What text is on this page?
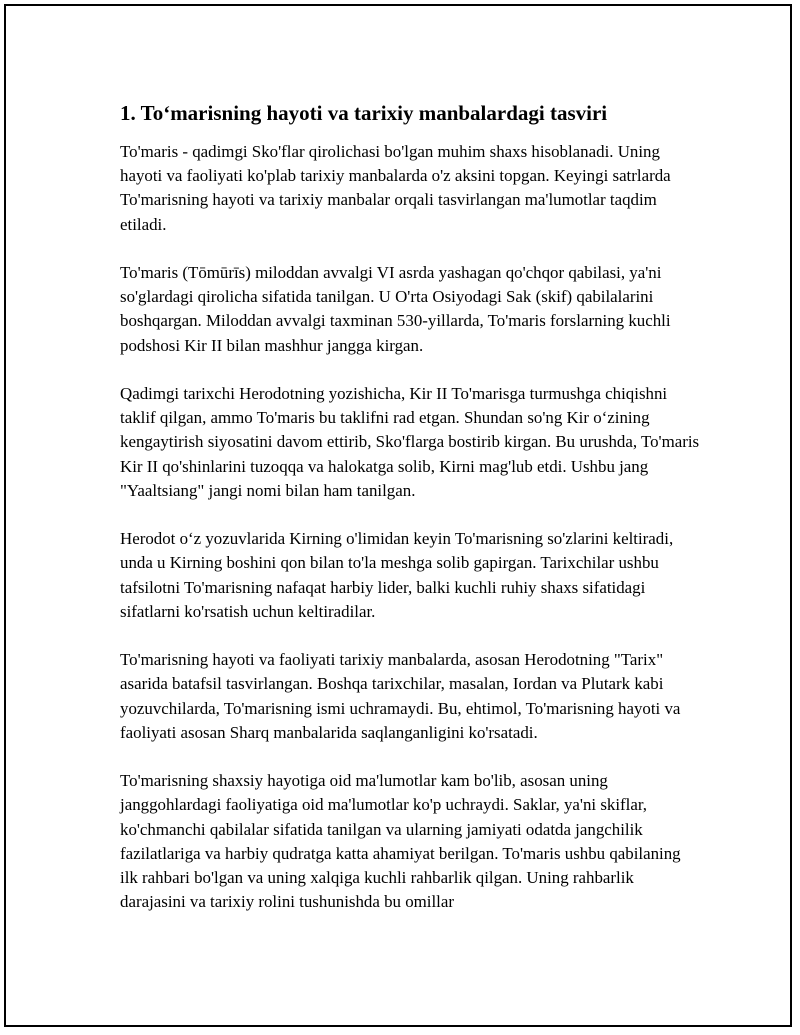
1. To‘marisning hayoti va tarixiy manbalardagi tasviri

To'maris - qadimgi Sko'flar qirolichasi bo'lgan muhim shaxs hisoblanadi. Uning hayoti va faoliyati ko'plab tarixiy manbalarda o'z aksini topgan. Keyingi satrlarda To'marisning hayoti va tarixiy manbalar orqali tasvirlangan ma'lumotlar taqdim etiladi.

To'maris (Tōmūrīs) miloddan avvalgi VI asrda yashagan qo'chqor qabilasi, ya'ni so'glardagi qirolicha sifatida tanilgan. U O'rta Osiyodagi Sak (skif) qabilalarini boshqargan. Miloddan avvalgi taxminan 530-yillarda, To'maris forslarning kuchli podshosi Kir II bilan mashhur jangga kirgan.

Qadimgi tarixchi Herodotning yozishicha, Kir II To'marisga turmushga chiqishni taklif qilgan, ammo To'maris bu taklifni rad etgan. Shundan so'ng Kir o‘zining kengaytirish siyosatini davom ettirib, Sko'flarga bostirib kirgan. Bu urushda, To'maris Kir II qo'shinlarini tuzoqqa va halokatga solib, Kirni mag'lub etdi. Ushbu jang "Yaaltsiang" jangi nomi bilan ham tanilgan.

Herodot o‘z yozuvlarida Kirning o'limidan keyin To'marisning so'zlarini keltiradi, unda u Kirning boshini qon bilan to'la meshga solib gapirgan. Tarixchilar ushbu tafsilotni To'marisning nafaqat harbiy lider, balki kuchli ruhiy shaxs sifatidagi sifatlarni ko'rsatish uchun keltiradilar.

To'marisning hayoti va faoliyati tarixiy manbalarda, asosan Herodotning "Tarix" asarida batafsil tasvirlangan. Boshqa tarixchilar, masalan, Iordan va Plutark kabi yozuvchilarda, To'marisning ismi uchramaydi. Bu, ehtimol, To'marisning hayoti va faoliyati asosan Sharq manbalarida saqlanganligini ko'rsatadi.

To'marisning shaxsiy hayotiga oid ma'lumotlar kam bo'lib, asosan uning janggohlardagi faoliyatiga oid ma'lumotlar ko'p uchraydi. Saklar, ya'ni skiflar, ko'chmanchi qabilalar sifatida tanilgan va ularning jamiyati odatda jangchilik fazilatlariga va harbiy qudratga katta ahamiyat berilgan. To'maris ushbu qabilaning ilk rahbari bo'lgan va uning xalqiga kuchli rahbarlik qilgan. Uning rahbarlik darajasini va tarixiy rolini tushunishda bu omillar
